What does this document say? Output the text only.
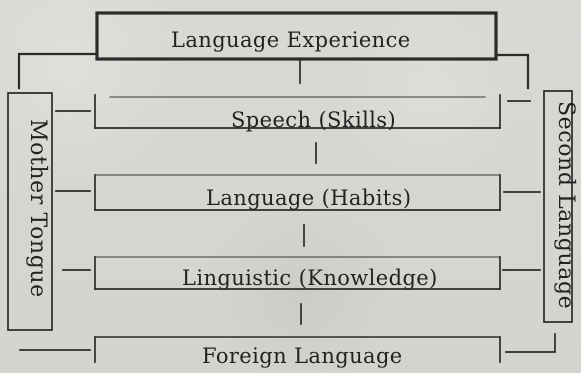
Language Experience
Speech (Skills)
Language (Habits)
Linguistic (Knowledge)
Foreign Language
Mother Tongue	Second Language
